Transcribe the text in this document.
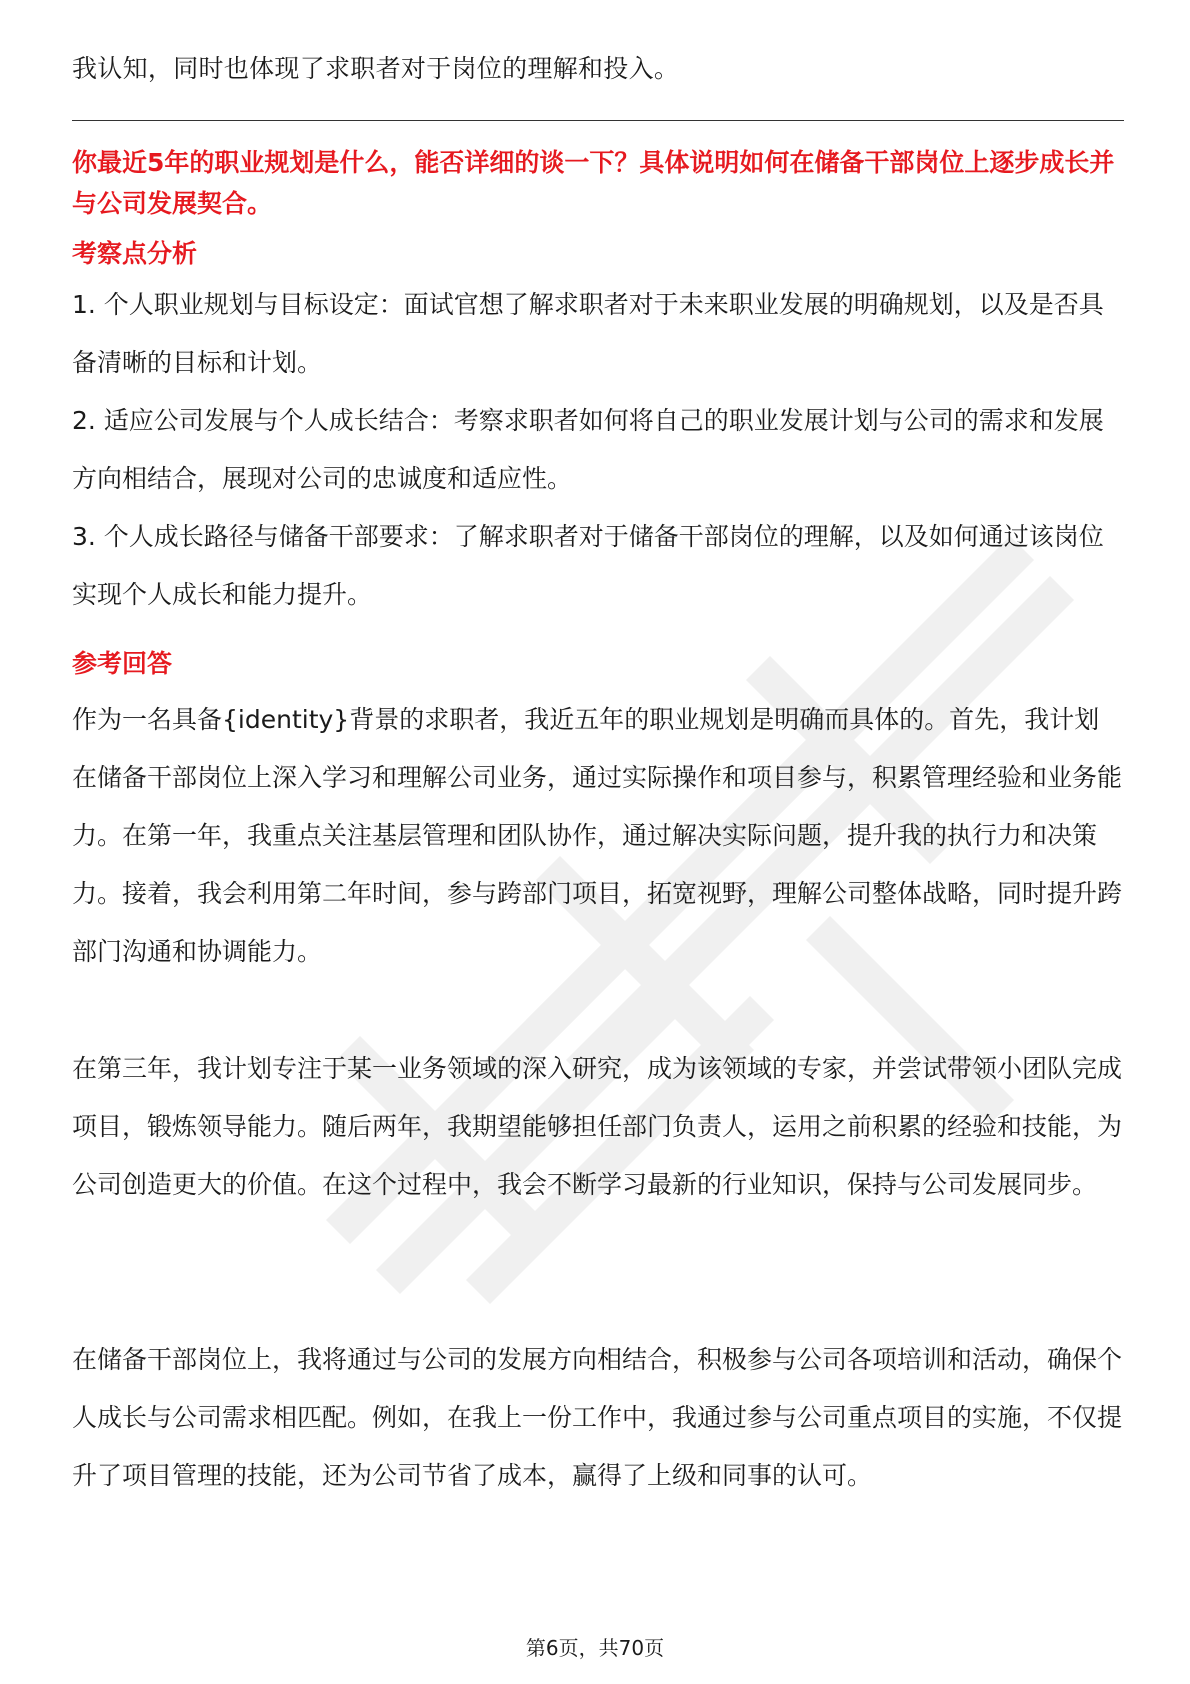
我认知，同时也体现了求职者对于岗位的理解和投入。

你最近5年的职业规划是什么，能否详细的谈一下？具体说明如何在储备干部岗位上逐步成长并与公司发展契合。

考察点分析

1. 个人职业规划与目标设定：面试官想了解求职者对于未来职业发展的明确规划，以及是否具备清晰的目标和计划。

2. 适应公司发展与个人成长结合：考察求职者如何将自己的职业发展计划与公司的需求和发展方向相结合，展现对公司的忠诚度和适应性。

3. 个人成长路径与储备干部要求：了解求职者对于储备干部岗位的理解，以及如何通过该岗位实现个人成长和能力提升。

参考回答

作为一名具备{identity}背景的求职者，我近五年的职业规划是明确而具体的。首先，我计划在储备干部岗位上深入学习和理解公司业务，通过实际操作和项目参与，积累管理经验和业务能力。在第一年，我重点关注基层管理和团队协作，通过解决实际问题，提升我的执行力和决策力。接着，我会利用第二年时间，参与跨部门项目，拓宽视野，理解公司整体战略，同时提升跨部门沟通和协调能力。

在第三年，我计划专注于某一业务领域的深入研究，成为该领域的专家，并尝试带领小团队完成项目，锻炼领导能力。随后两年，我期望能够担任部门负责人，运用之前积累的经验和技能，为公司创造更大的价值。在这个过程中，我会不断学习最新的行业知识，保持与公司发展同步。

在储备干部岗位上，我将通过与公司的发展方向相结合，积极参与公司各项培训和活动，确保个人成长与公司需求相匹配。例如，在我上一份工作中，我通过参与公司重点项目的实施，不仅提升了项目管理的技能，还为公司节省了成本，赢得了上级和同事的认可。

第6页，共70页
